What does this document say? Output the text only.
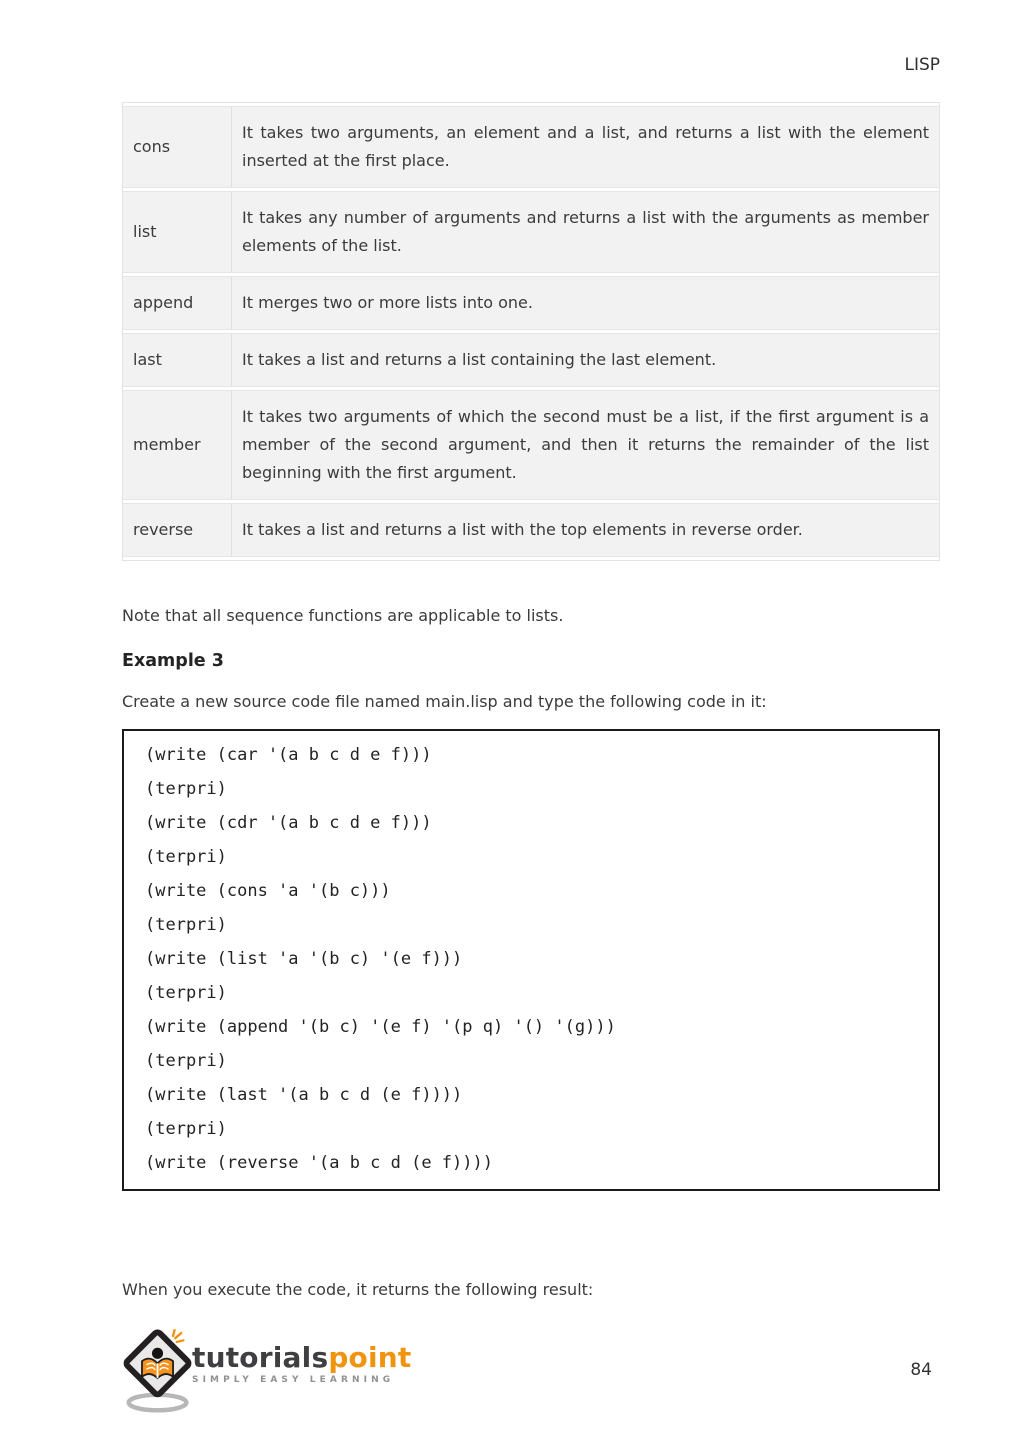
LISP
cons	It takes two arguments, an element and a list, and returns a list with the element inserted at the first place.
list	It takes any number of arguments and returns a list with the arguments as member elements of the list.
append	It merges two or more lists into one.
last	It takes a list and returns a list containing the last element.
member	It takes two arguments of which the second must be a list, if the first argument is a member of the second argument, and then it returns the remainder of the list beginning with the first argument.
reverse	It takes a list and returns a list with the top elements in reverse order.

Note that all sequence functions are applicable to lists.

Example 3

Create a new source code file named main.lisp and type the following code in it:

(write (car '(a b c d e f)))
(terpri)
(write (cdr '(a b c d e f)))
(terpri)
(write (cons 'a '(b c)))
(terpri)
(write (list 'a '(b c) '(e f)))
(terpri)
(write (append '(b c) '(e f) '(p q) '() '(g)))
(terpri)
(write (last '(a b c d (e f))))
(terpri)
(write (reverse '(a b c d (e f))))

When you execute the code, it returns the following result:

tutorialspoint
SIMPLY EASY LEARNING	84
